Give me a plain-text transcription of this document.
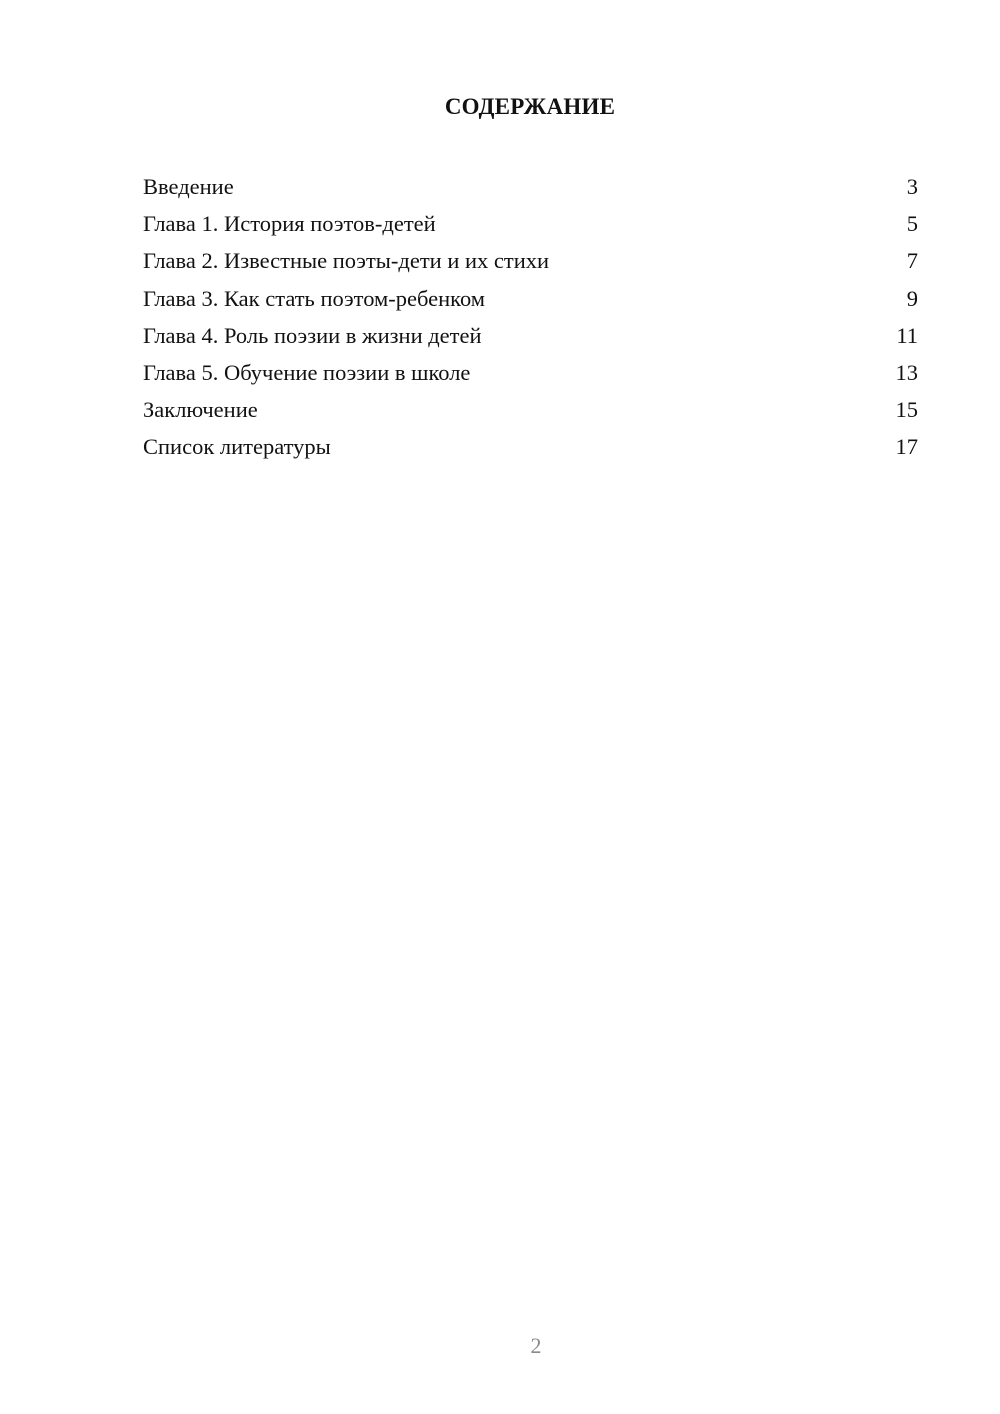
СОДЕРЖАНИЕ
Введение	3
Глава 1. История поэтов-детей	5
Глава 2. Известные поэты-дети и их стихи	7
Глава 3. Как стать поэтом-ребенком	9
Глава 4. Роль поэзии в жизни детей	11
Глава 5. Обучение поэзии в школе	13
Заключение	15
Список литературы	17
2
